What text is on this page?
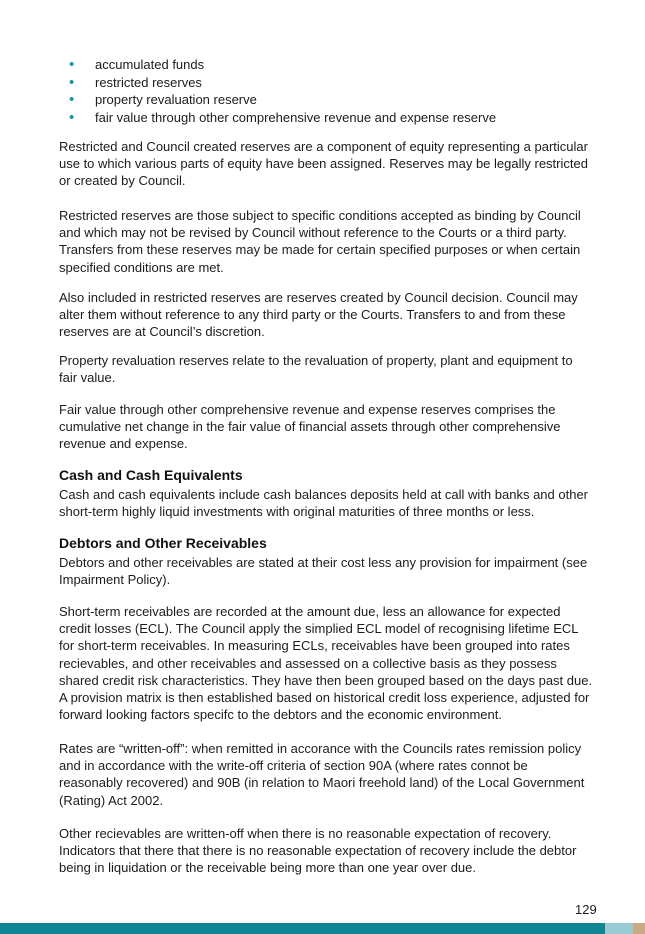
• accumulated funds
• restricted reserves
• property revaluation reserve
• fair value through other comprehensive revenue and expense reserve

Restricted and Council created reserves are a component of equity representing a particular use to which various parts of equity have been assigned. Reserves may be legally restricted or created by Council.

Restricted reserves are those subject to specific conditions accepted as binding by Council and which may not be revised by Council without reference to the Courts or a third party. Transfers from these reserves may be made for certain specified purposes or when certain specified conditions are met.

Also included in restricted reserves are reserves created by Council decision. Council may alter them without reference to any third party or the Courts. Transfers to and from these reserves are at Council’s discretion.

Property revaluation reserves relate to the revaluation of property, plant and equipment to fair value.

Fair value through other comprehensive revenue and expense reserves comprises the cumulative net change in the fair value of financial assets through other comprehensive revenue and expense.

Cash and Cash Equivalents

Cash and cash equivalents include cash balances deposits held at call with banks and other short-term highly liquid investments with original maturities of three months or less.

Debtors and Other Receivables

Debtors and other receivables are stated at their cost less any provision for impairment (see Impairment Policy).

Short-term receivables are recorded at the amount due, less an allowance for expected credit losses (ECL). The Council apply the simplied ECL model of recognising lifetime ECL for short-term receivables. In measuring ECLs, receivables have been grouped into rates recievables, and other receivables and assessed on a collective basis as they possess shared credit risk characteristics. They have then been grouped based on the days past due. A provision matrix is then established based on historical credit loss experience, adjusted for forward looking factors specifc to the debtors and the economic environment.

Rates are “written-off”: when remitted in accorance with the Councils rates remission policy and in accordance with the write-off criteria of section 90A (where rates connot be reasonably recovered) and 90B (in relation to Maori freehold land) of the Local Government (Rating) Act 2002.

Other recievables are written-off when there is no reasonable expectation of recovery. Indicators that there that there is no reasonable expectation of recovery include the debtor being in liquidation or the receivable being more than one year over due.

129
